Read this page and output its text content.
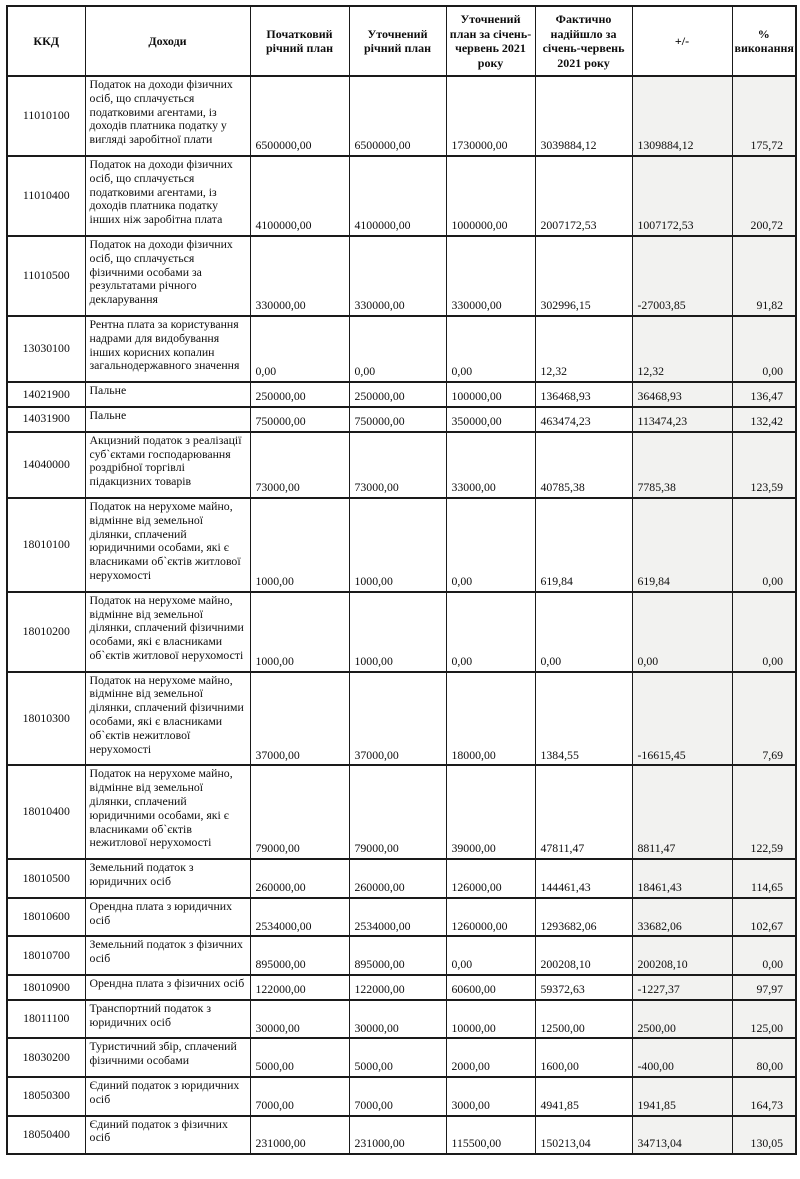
ККД	Доходи	Початковий річний план	Уточнений річний план	Уточнений план за січень-червень 2021 року	Фактично надійшло за січень-червень 2021 року	+/-	% виконання
11010100	Податок на доходи фізичних осіб, що сплачується податковими агентами, із доходів платника податку у вигляді заробітної плати	6500000,00	6500000,00	1730000,00	3039884,12	1309884,12	175,72
11010400	Податок на доходи фізичних осіб, що сплачується податковими агентами, із доходів платника податку інших ніж заробітна плата	4100000,00	4100000,00	1000000,00	2007172,53	1007172,53	200,72
11010500	Податок на доходи фізичних осіб, що сплачується фізичними особами за результатами річного декларування	330000,00	330000,00	330000,00	302996,15	-27003,85	91,82
13030100	Рентна плата за користування надрами для видобування інших корисних копалин загальнодержавного значення	0,00	0,00	0,00	12,32	12,32	0,00
14021900	Пальне	250000,00	250000,00	100000,00	136468,93	36468,93	136,47
14031900	Пальне	750000,00	750000,00	350000,00	463474,23	113474,23	132,42
14040000	Акцизний податок з реалізації суб`єктами господарювання роздрібної торгівлі підакцизних товарів	73000,00	73000,00	33000,00	40785,38	7785,38	123,59
18010100	Податок на нерухоме майно, відмінне від земельної ділянки, сплачений юридичними особами, які є власниками об`єктів житлової нерухомості	1000,00	1000,00	0,00	619,84	619,84	0,00
18010200	Податок на нерухоме майно, відмінне від земельної ділянки, сплачений фізичними особами, які є власниками об`єктів житлової нерухомості	1000,00	1000,00	0,00	0,00	0,00	0,00
18010300	Податок на нерухоме майно, відмінне від земельної ділянки, сплачений фізичними особами, які є власниками об`єктів нежитлової нерухомості	37000,00	37000,00	18000,00	1384,55	-16615,45	7,69
18010400	Податок на нерухоме майно, відмінне від земельної ділянки, сплачений юридичними особами, які є власниками об`єктів нежитлової нерухомості	79000,00	79000,00	39000,00	47811,47	8811,47	122,59
18010500	Земельний податок з юридичних осіб	260000,00	260000,00	126000,00	144461,43	18461,43	114,65
18010600	Орендна плата з юридичних осіб	2534000,00	2534000,00	1260000,00	1293682,06	33682,06	102,67
18010700	Земельний податок з фізичних осіб	895000,00	895000,00	0,00	200208,10	200208,10	0,00
18010900	Орендна плата з фізичних осіб	122000,00	122000,00	60600,00	59372,63	-1227,37	97,97
18011100	Транспортний податок з юридичних осіб	30000,00	30000,00	10000,00	12500,00	2500,00	125,00
18030200	Туристичний збір, сплачений фізичними особами	5000,00	5000,00	2000,00	1600,00	-400,00	80,00
18050300	Єдиний податок з юридичних осіб	7000,00	7000,00	3000,00	4941,85	1941,85	164,73
18050400	Єдиний податок з фізичних осіб	231000,00	231000,00	115500,00	150213,04	34713,04	130,05
